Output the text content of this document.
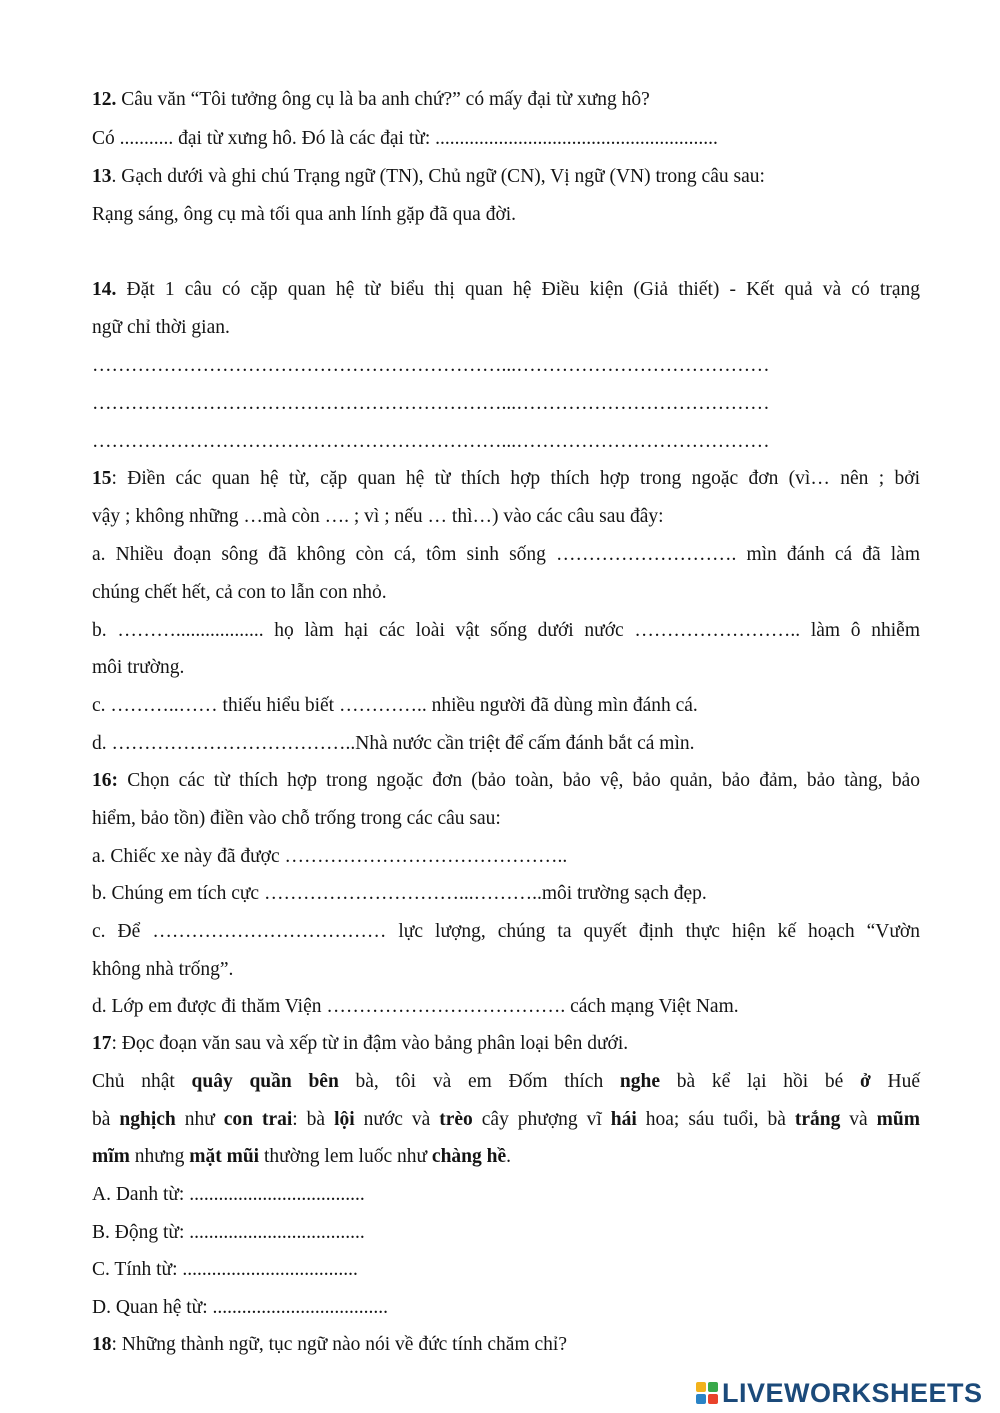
12. Câu văn “Tôi tưởng ông cụ là ba anh chứ?” có mấy đại từ xưng hô?
Có ........... đại từ xưng hô. Đó là các đại từ: ..........................................................
13. Gạch dưới và ghi chú Trạng ngữ (TN), Chủ ngữ (CN), Vị ngữ (VN) trong câu sau:
Rạng sáng, ông cụ mà tối qua anh lính gặp đã qua đời.
14. Đặt 1 câu có cặp quan hệ từ biểu thị quan hệ Điều kiện (Giả thiết) - Kết quả và có trạng
ngữ chỉ thời gian.
………………………………………………………...…………………………………
………………………………………………………...…………………………………
………………………………………………………...…………………………………
15: Điền các quan hệ từ, cặp quan hệ từ thích hợp thích hợp trong ngoặc đơn (vì… nên ; bởi
vậy ; không những …mà còn …. ; vì ; nếu … thì…) vào các câu sau đây:
a. Nhiều đoạn sông đã không còn cá, tôm sinh sống ………………………. mìn đánh cá đã làm
chúng chết hết, cả con to lẫn con nhỏ.
b. ……….................. họ làm hại các loài vật sống dưới nước …………………….. làm ô nhiễm
môi trường.
c. ………..…… thiếu hiểu biết ………….. nhiều người đã dùng mìn đánh cá.
d. ………………………………..Nhà nước cần triệt để cấm đánh bắt cá mìn.
16: Chọn các từ thích hợp trong ngoặc đơn (bảo toàn, bảo vệ, bảo quản, bảo đảm, bảo tàng, bảo
hiểm, bảo tồn) điền vào chỗ trống trong các câu sau:
a. Chiếc xe này đã được ……………………………………..
b. Chúng em tích cực …………………………...………..môi trường sạch đẹp.
c. Để ……………………………… lực lượng, chúng ta quyết định thực hiện kế hoạch “Vườn
không nhà trống”.
d. Lớp em được đi thăm Viện ………………………………. cách mạng Việt Nam.
17: Đọc đoạn văn sau và xếp từ in đậm vào bảng phân loại bên dưới.
Chủ nhật quây quần bên bà, tôi và em Đốm thích nghe bà kể lại hồi bé ở Huế
bà nghịch như con trai: bà lội nước và trèo cây phượng vĩ hái hoa; sáu tuổi, bà trắng và mũm
mĩm nhưng mặt mũi thường lem luốc như chàng hề.
A. Danh từ: ....................................
B. Động từ: ....................................
C. Tính từ: ....................................
D. Quan hệ từ: ....................................
18: Những thành ngữ, tục ngữ nào nói về đức tính chăm chỉ?
LIVEWORKSHEETS
